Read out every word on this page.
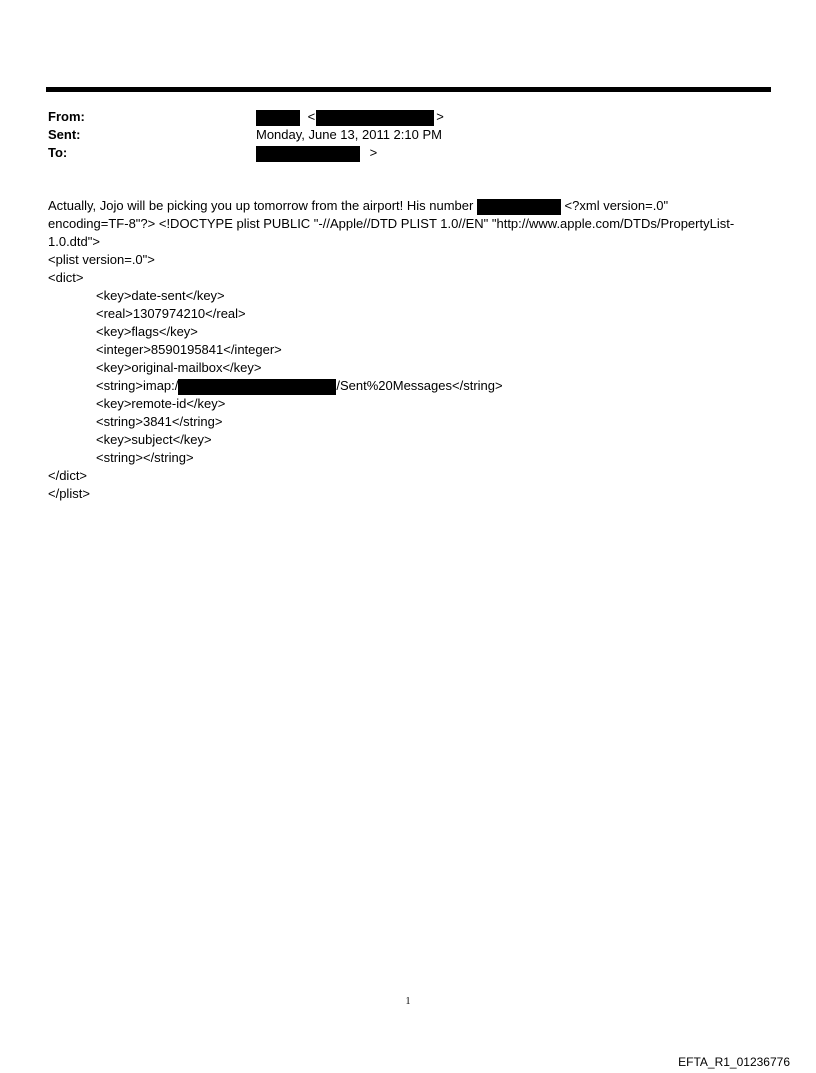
From:	<	>
Sent:	Monday, June 13, 2011 2:10 PM
To:	>
Actually, Jojo will be picking you up tomorrow from the airport! His number	<?xml version=.0"
encoding=TF-8"?> <!DOCTYPE plist PUBLIC "-//Apple//DTD PLIST 1.0//EN" "http://www.apple.com/DTDs/PropertyList-
1.0.dtd">
<plist version=.0">
<dict>
<key>date-sent</key>
<real>1307974210</real>
<key>flags</key>
<integer>8590195841</integer>
<key>original-mailbox</key>
<string>imap:/	/Sent%20Messages</string>
<key>remote-id</key>
<string>3841</string>
<key>subject</key>
<string></string>
</dict>
</plist>
1
EFTA_R1_01236776
